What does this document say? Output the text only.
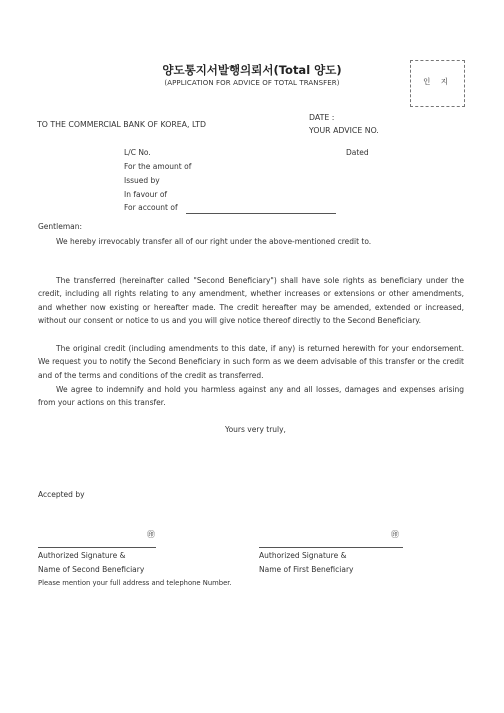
양도통지서발행의뢰서(Total 양도)
(APPLICATION FOR ADVICE OF TOTAL TRANSFER)	인 지
DATE :
TO THE COMMERCIAL BANK OF KOREA, LTD
YOUR ADVICE NO.
L/C No.	Dated
For the amount of
Issued by
In favour of
For account of
Gentleman:
We hereby irrevocably transfer all of our right under the above-mentioned credit to.
The transferred (hereinafter called "Second Beneficiary") shall have sole rights as beneficiary under the credit, including all rights relating to any amendment, whether increases or extensions or other amendments, and whether now existing or hereafter made. The credit hereafter may be amended, extended or increased, without our consent or notice to us and you will give notice thereof directly to the Second Beneficiary.
The original credit (including amendments to this date, if any) is returned herewith for your endorsement. We request you to notify the Second Beneficiary in such form as we deem advisable of this transfer or the credit and of the terms and conditions of the credit as transferred.
We agree to indemnify and hold you harmless against any and all losses, damages and expenses arising from your actions on this transfer.
Yours very truly,
Accepted by
㊞	㊞
Authorized Signature &
Name of Second Beneficiary
Authorized Signature &
Name of First Beneficiary
Please mention your full address and telephone Number.
